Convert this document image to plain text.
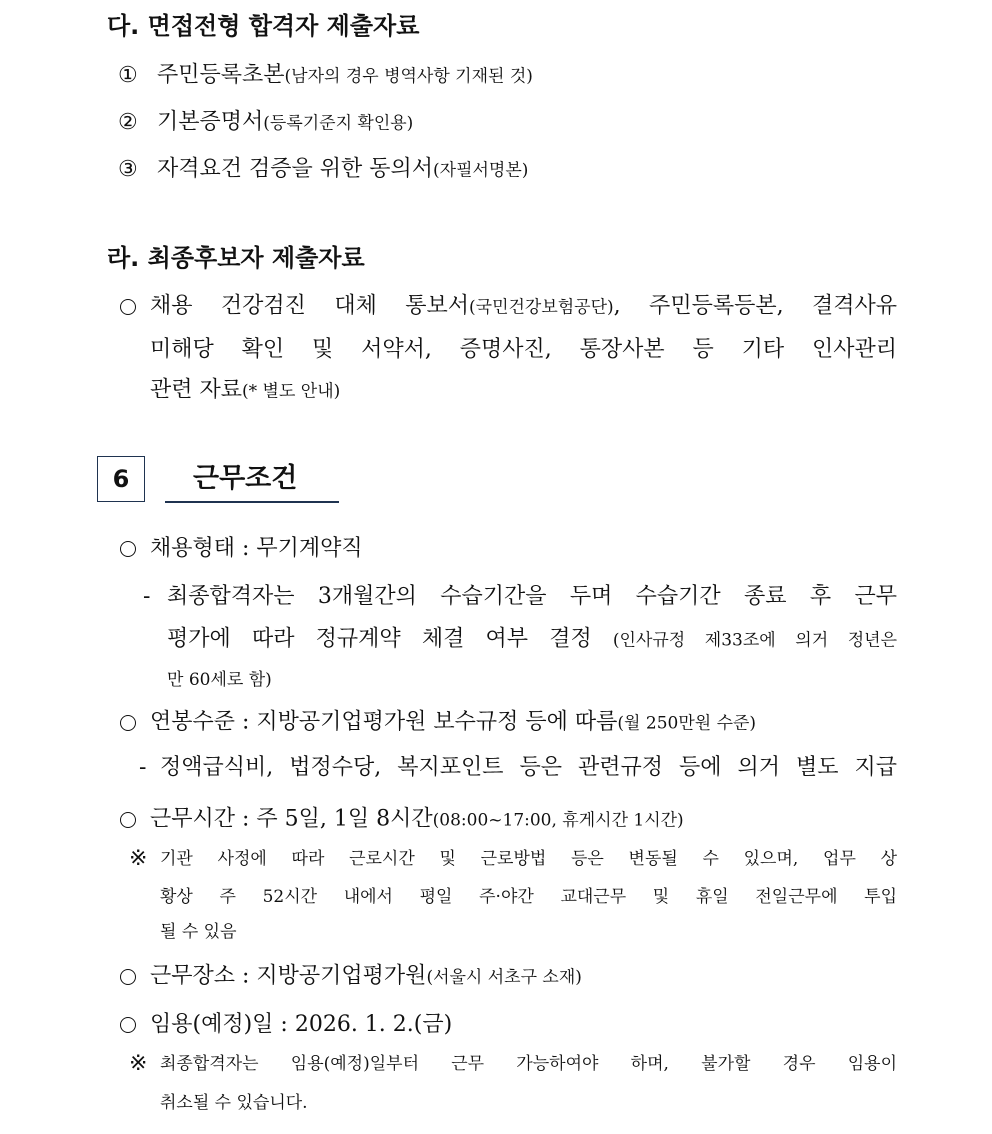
다. 면접전형 합격자 제출자료
① 주민등록초본(남자의 경우 병역사항 기재된 것)
② 기본증명서(등록기준지 확인용)
③ 자격요건 검증을 위한 동의서(자필서명본)
라. 최종후보자 제출자료
채용 건강검진 대체 통보서(국민건강보험공단), 주민등록등본, 결격사유
미해당 확인 및 서약서, 증명사진, 통장사본 등 기타 인사관리
관련 자료(* 별도 안내)
6	근무조건
채용형태 : 무기계약직
- 최종합격자는 3개월간의 수습기간을 두며 수습기간 종료 후 근무
평가에 따라 정규계약 체결 여부 결정 (인사규정 제33조에 의거 정년은
만 60세로 함)
연봉수준 : 지방공기업평가원 보수규정 등에 따름(월 250만원 수준)
- 정액급식비, 법정수당, 복지포인트 등은 관련규정 등에 의거 별도 지급
근무시간 : 주 5일, 1일 8시간(08:00~17:00, 휴게시간 1시간)
※ 기관 사정에 따라 근로시간 및 근로방법 등은 변동될 수 있으며, 업무 상
황상 주 52시간 내에서 평일 주·야간 교대근무 및 휴일 전일근무에 투입
될 수 있음
근무장소 : 지방공기업평가원(서울시 서초구 소재)
임용(예정)일 : 2026. 1. 2.(금)
※ 최종합격자는 임용(예정)일부터 근무 가능하여야 하며, 불가할 경우 임용이
취소될 수 있습니다.
